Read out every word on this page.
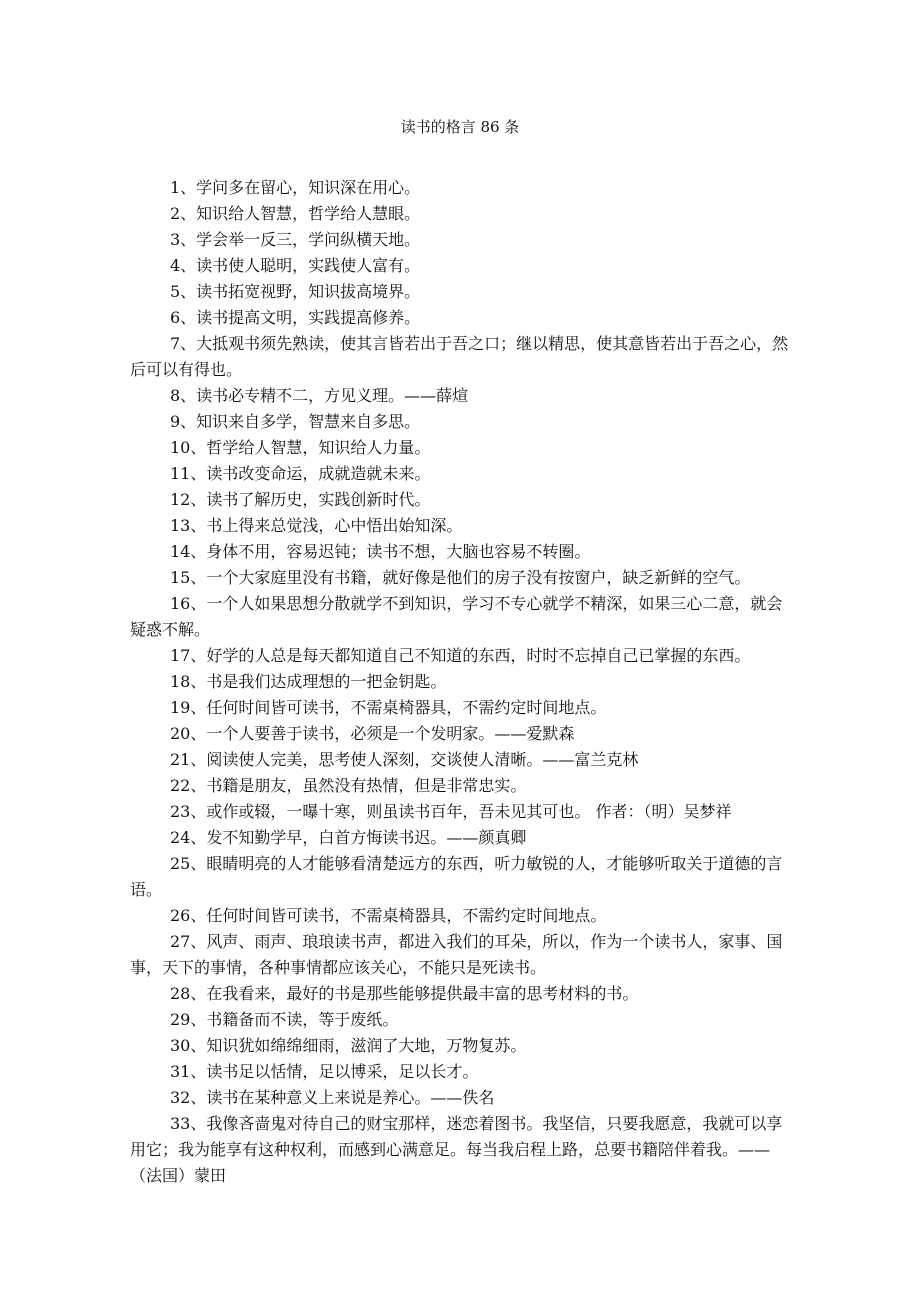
读书的格言 86 条

1、学问多在留心，知识深在用心。

2、知识给人智慧，哲学给人慧眼。

3、学会举一反三，学问纵横天地。

4、读书使人聪明，实践使人富有。

5、读书拓宽视野，知识拔高境界。

6、读书提高文明，实践提高修养。

7、大抵观书须先熟读，使其言皆若出于吾之口；继以精思，使其意皆若出于吾之心，然后可以有得也。

8、读书必专精不二，方见义理。——薛煊

9、知识来自多学，智慧来自多思。

10、哲学给人智慧，知识给人力量。

11、读书改变命运，成就造就未来。

12、读书了解历史，实践创新时代。

13、书上得来总觉浅，心中悟出始知深。

14、身体不用，容易迟钝；读书不想，大脑也容易不转圈。

15、一个大家庭里没有书籍，就好像是他们的房子没有按窗户，缺乏新鲜的空气。

16、一个人如果思想分散就学不到知识，学习不专心就学不精深，如果三心二意，就会疑惑不解。

17、好学的人总是每天都知道自己不知道的东西，时时不忘掉自己已掌握的东西。

18、书是我们达成理想的一把金钥匙。

19、任何时间皆可读书，不需桌椅器具，不需约定时间地点。

20、一个人要善于读书，必须是一个发明家。——爱默森

21、阅读使人完美，思考使人深刻，交谈使人清晰。——富兰克林

22、书籍是朋友，虽然没有热情，但是非常忠实。

23、或作或辍，一曝十寒，则虽读书百年，吾未见其可也。 作者：（明）吴梦祥

24、发不知勤学早，白首方悔读书迟。——颜真卿

25、眼睛明亮的人才能够看清楚远方的东西，听力敏锐的人，才能够听取关于道德的言语。

26、任何时间皆可读书，不需桌椅器具，不需约定时间地点。

27、风声、雨声、琅琅读书声，都进入我们的耳朵，所以，作为一个读书人，家事、国事，天下的事情，各种事情都应该关心，不能只是死读书。

28、在我看来，最好的书是那些能够提供最丰富的思考材料的书。

29、书籍备而不读，等于废纸。

30、知识犹如绵绵细雨，滋润了大地，万物复苏。

31、读书足以恬情，足以博采，足以长才。

32、读书在某种意义上来说是养心。——佚名

33、我像吝啬鬼对待自己的财宝那样，迷恋着图书。我坚信，只要我愿意，我就可以享用它；我为能享有这种权利，而感到心满意足。每当我启程上路，总要书籍陪伴着我。——（法国）蒙田
